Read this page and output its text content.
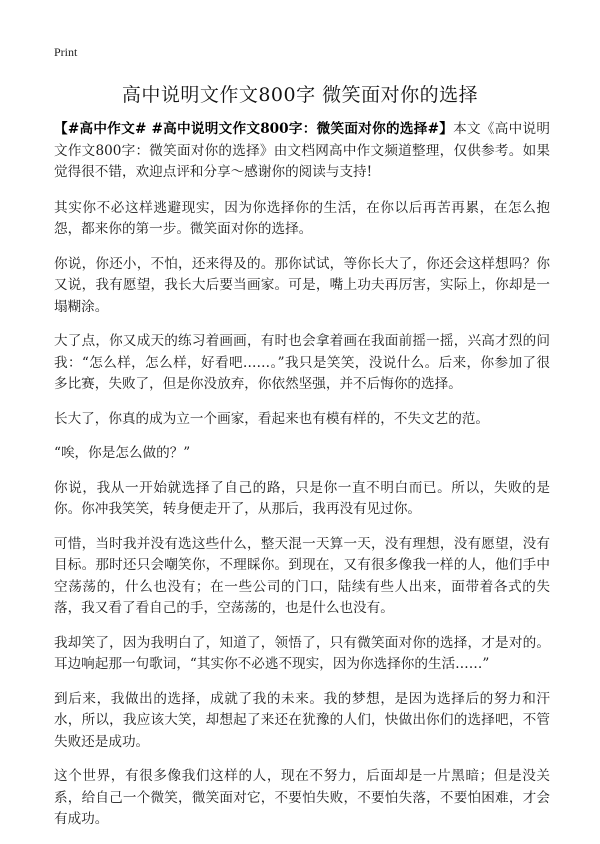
Print
高中说明文作文800字 微笑面对你的选择

【#高中作文# #高中说明文作文800字：微笑面对你的选择#】本文《高中说明文作文800字：微笑面对你的选择》由文档网高中作文频道整理，仅供参考。如果觉得很不错，欢迎点评和分享～感谢你的阅读与支持!

其实你不必这样逃避现实，因为你选择你的生活，在你以后再苦再累，在怎么抱怨，都来你的第一步。微笑面对你的选择。

你说，你还小，不怕，还来得及的。那你试试，等你长大了，你还会这样想吗？你又说，我有愿望，我长大后要当画家。可是，嘴上功夫再厉害，实际上，你却是一塌糊涂。

大了点，你又成天的练习着画画，有时也会拿着画在我面前摇一摇，兴高才烈的问我：“怎么样，怎么样，好看吧……。”我只是笑笑，没说什么。后来，你参加了很多比赛，失败了，但是你没放弃，你依然坚强，并不后悔你的选择。

长大了，你真的成为立一个画家，看起来也有模有样的，不失文艺的范。

“唉，你是怎么做的？”

你说，我从一开始就选择了自己的路，只是你一直不明白而已。所以，失败的是你。你冲我笑笑，转身便走开了，从那后，我再没有见过你。

可惜，当时我并没有选这些什么，整天混一天算一天，没有理想，没有愿望，没有目标。那时还只会嘲笑你，不理睬你。到现在，又有很多像我一样的人，他们手中空荡荡的，什么也没有；在一些公司的门口，陆续有些人出来，面带着各式的失落，我又看了看自己的手，空荡荡的，也是什么也没有。

我却笑了，因为我明白了，知道了，领悟了，只有微笑面对你的选择，才是对的。耳边响起那一句歌词，“其实你不必逃不现实，因为你选择你的生活……”

到后来，我做出的选择，成就了我的未来。我的梦想，是因为选择后的努力和汗水，所以，我应该大笑，却想起了来还在犹豫的人们，快做出你们的选择吧，不管失败还是成功。

这个世界，有很多像我们这样的人，现在不努力，后面却是一片黑暗；但是没关系，给自己一个微笑，微笑面对它，不要怕失败，不要怕失落，不要怕困难，才会有成功。
